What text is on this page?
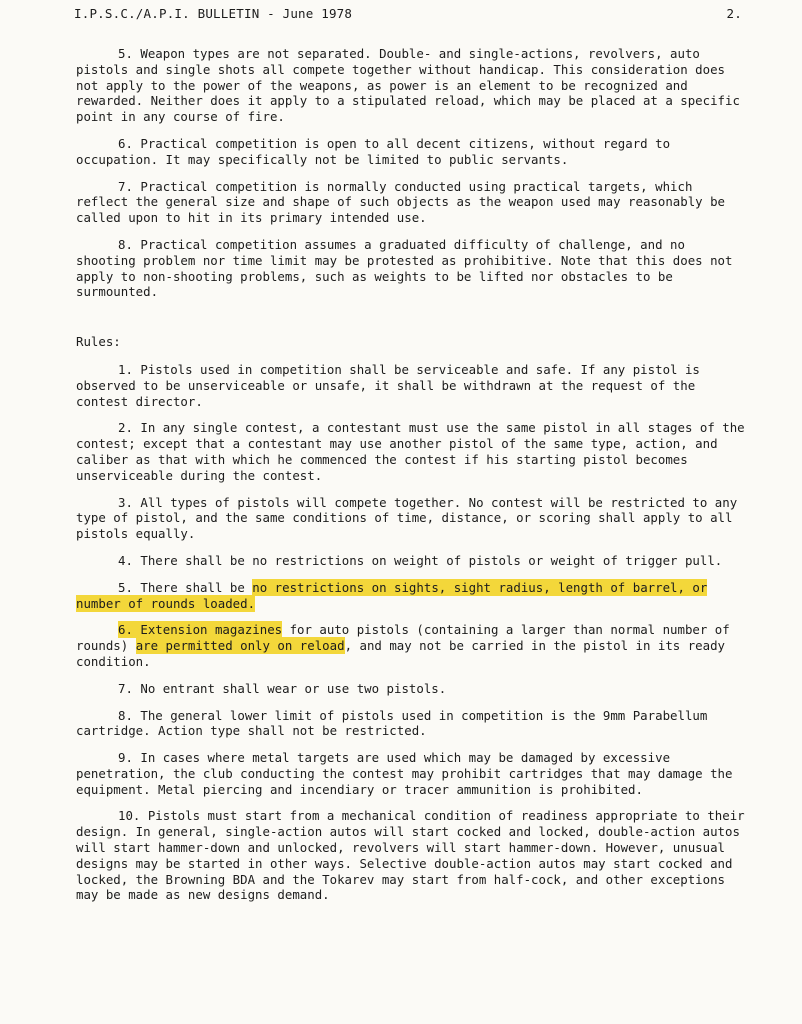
I.P.S.C./A.P.I. BULLETIN - June 1978	2.

5. Weapon types are not separated. Double- and single-actions, revolvers, auto pistols and single shots all compete together without handicap. This consideration does not apply to the power of the weapons, as power is an element to be recognized and rewarded. Neither does it apply to a stipulated reload, which may be placed at a specific point in any course of fire.

6. Practical competition is open to all decent citizens, without regard to occupation. It may specifically not be limited to public servants.

7. Practical competition is normally conducted using practical targets, which reflect the general size and shape of such objects as the weapon used may reasonably be called upon to hit in its primary intended use.

8. Practical competition assumes a graduated difficulty of challenge, and no shooting problem nor time limit may be protested as prohibitive. Note that this does not apply to non-shooting problems, such as weights to be lifted nor obstacles to be surmounted.

Rules:

1. Pistols used in competition shall be serviceable and safe. If any pistol is observed to be unserviceable or unsafe, it shall be withdrawn at the request of the contest director.

2. In any single contest, a contestant must use the same pistol in all stages of the contest; except that a contestant may use another pistol of the same type, action, and caliber as that with which he commenced the contest if his starting pistol becomes unserviceable during the contest.

3. All types of pistols will compete together. No contest will be restricted to any type of pistol, and the same conditions of time, distance, or scoring shall apply to all pistols equally.

4. There shall be no restrictions on weight of pistols or weight of trigger pull.

5. There shall be no restrictions on sights, sight radius, length of barrel, or number of rounds loaded.

6. Extension magazines for auto pistols (containing a larger than normal number of rounds) are permitted only on reload, and may not be carried in the pistol in its ready condition.

7. No entrant shall wear or use two pistols.

8. The general lower limit of pistols used in competition is the 9mm Parabellum cartridge. Action type shall not be restricted.

9. In cases where metal targets are used which may be damaged by excessive penetration, the club conducting the contest may prohibit cartridges that may damage the equipment. Metal piercing and incendiary or tracer ammunition is prohibited.

10. Pistols must start from a mechanical condition of readiness appropriate to their design. In general, single-action autos will start cocked and locked, double-action autos will start hammer-down and unlocked, revolvers will start hammer-down. However, unusual designs may be started in other ways. Selective double-action autos may start cocked and locked, the Browning BDA and the Tokarev may start from half-cock, and other exceptions may be made as new designs demand.
